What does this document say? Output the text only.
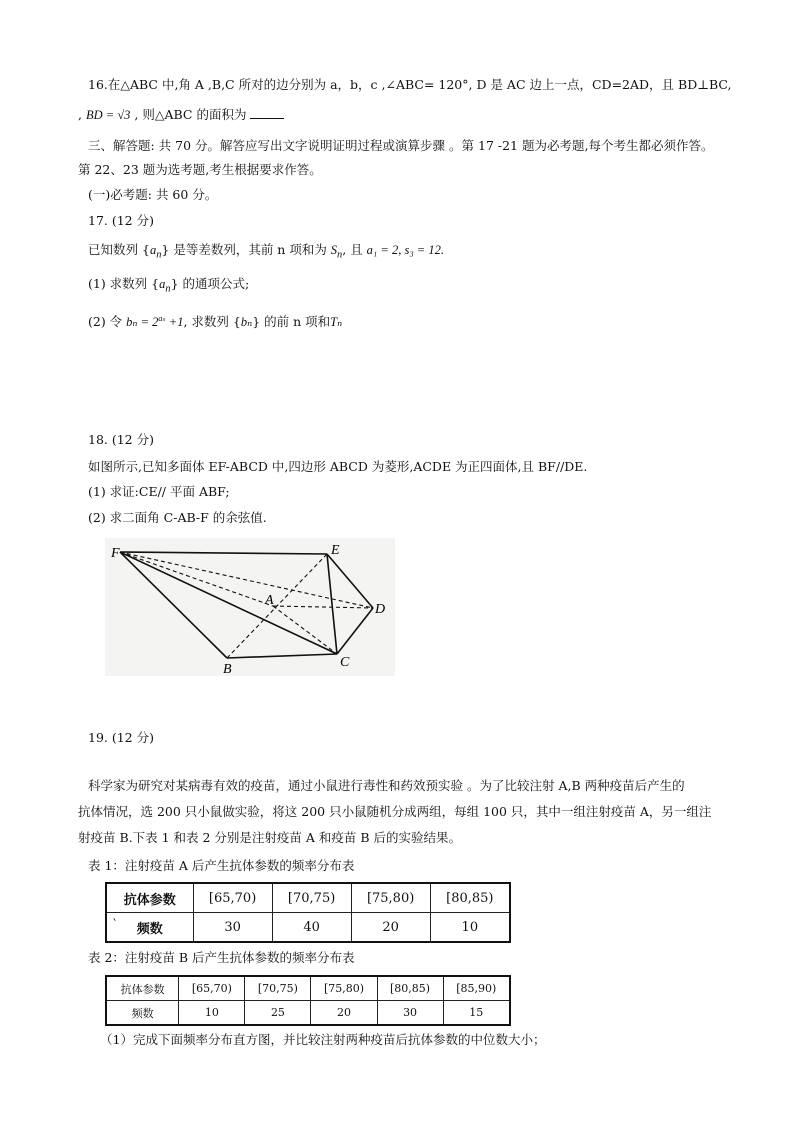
16.在△ABC 中,角 A ,B,C 所对的边分别为 a，b，c ,∠ABC= 120°, D 是 AC 边上一点，CD=2AD，且 BD⊥BC,
, BD = √3 , 则△ABC 的面积为
三、解答题: 共 70 分。解答应写出文字说明证明过程或演算步骤 。第 17 -21 题为必考题,每个考生都必须作答。
第 22、23 题为选考题,考生根据要求作答。
(一)必考题: 共 60 分。
17. (12 分)
已知数列 $\{a_n\}$ 是等差数列，其前 n 项和为 $S_n$, 且 a₁ = 2, s₃ = 12.
(1) 求数列 $\{a_n\}$ 的通项公式;
(2) 令 $b_n = 2^{a_n} +1$, 求数列 {bₙ} 的前 n 项和Tₙ
18. (12 分)
如图所示,已知多面体 EF-ABCD 中,四边形 ABCD 为菱形,ACDE 为正四面体,且 BF//DE.
(1) 求证:CE// 平面 ABF;
(2) 求二面角 C-AB-F 的余弦值.
F	E
A
D
B	C
19. (12 分)
科学家为研究对某病毒有效的疫苗，通过小鼠进行毒性和药效预实验 。为了比较注射 A,B 两种疫苗后产生的
抗体情况，选 200 只小鼠做实验，将这 200 只小鼠随机分成两组，每组 100 只，其中一组注射疫苗 A，另一组注
射疫苗 B.下表 1 和表 2 分别是注射疫苗 A 和疫苗 B 后的实验结果。
表 1：注射疫苗 A 后产生抗体参数的频率分布表
抗体参数	[65,70)	[70,75)	[75,80)	[80,85)

‵ 频数	30	40	20	10
表 2：注射疫苗 B 后产生抗体参数的频率分布表
抗体参数	[65,70)	[70,75)	[75,80)	[80,85)	[85,90)
频数	10	25	20	30	15
（1）完成下面频率分布直方图，并比较注射两种疫苗后抗体参数的中位数大小；
